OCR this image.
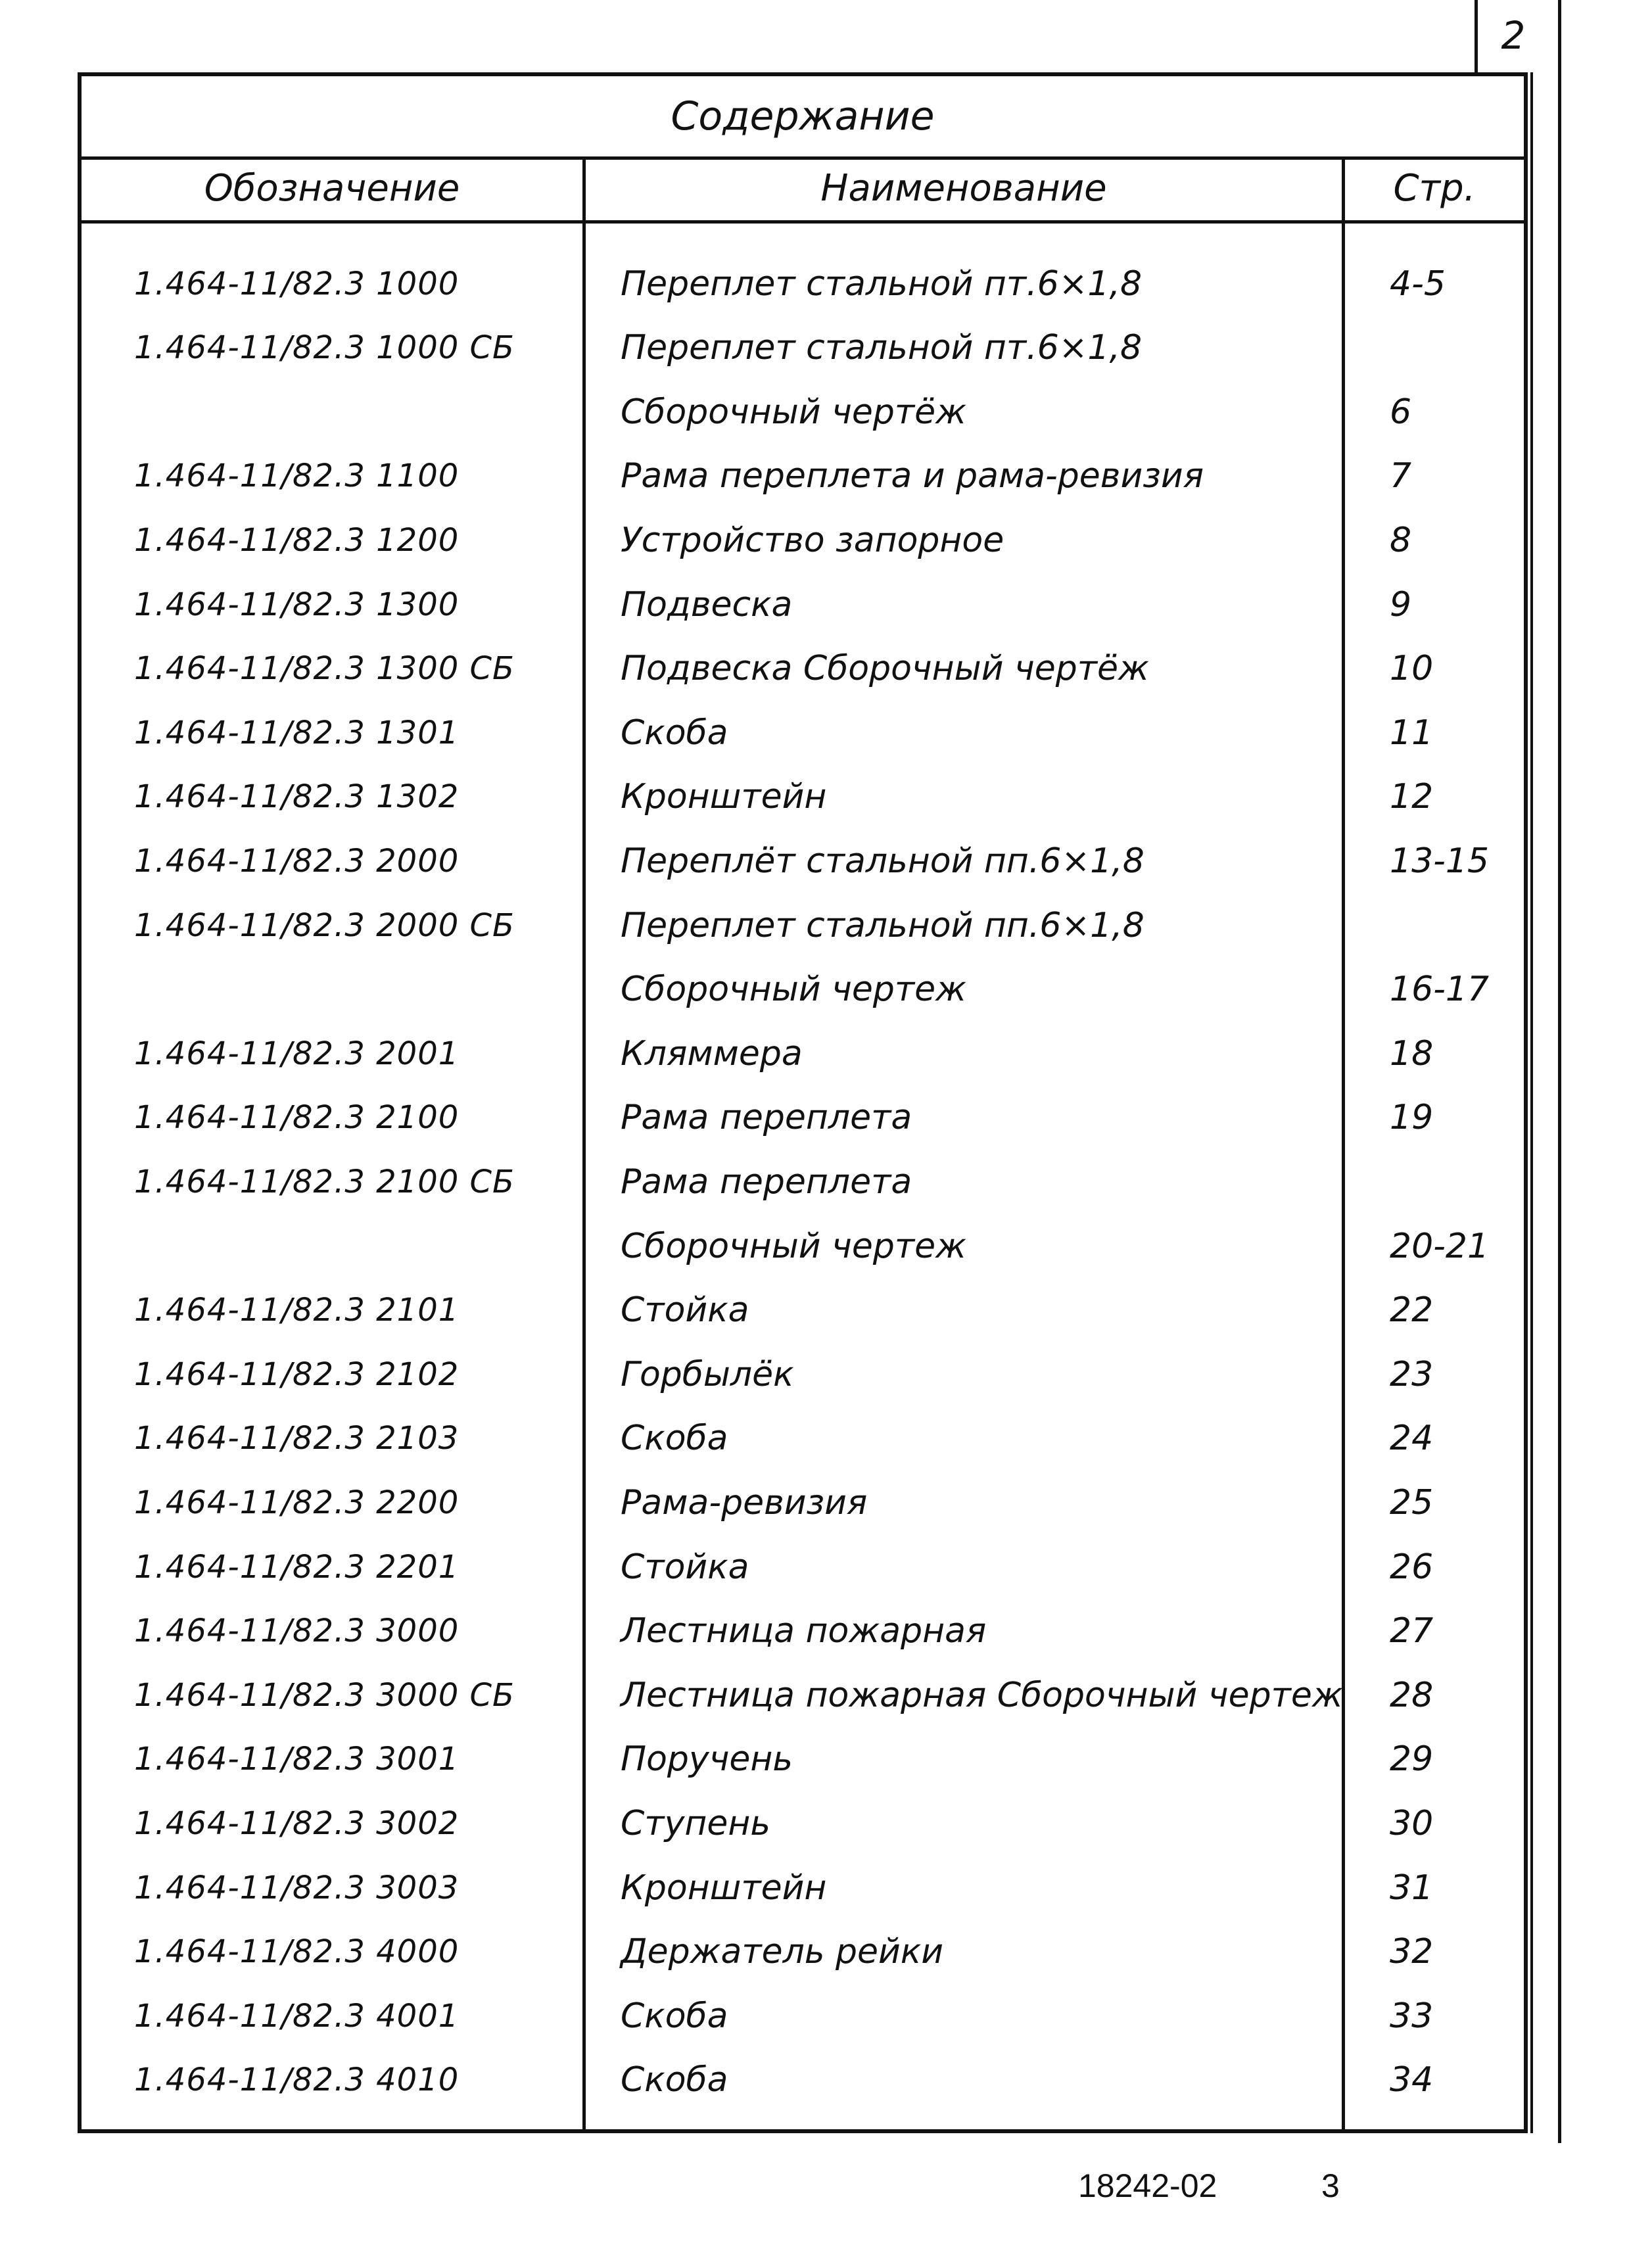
2
Содержание
Обозначение	Наименование	Стр.
1.464-11/82.3 1000	Переплет стальной пт.6×1,8	4-5
1.464-11/82.3 1000 СБ	Переплет стальной пт.6×1,8
Сборочный чертёж	6
1.464-11/82.3 1100	Рама переплета и рама-ревизия	7
1.464-11/82.3 1200	Устройство запорное	8
1.464-11/82.3 1300	Подвеска	9
1.464-11/82.3 1300 СБ	Подвеска Сборочный чертёж	10
1.464-11/82.3 1301	Скоба	11
1.464-11/82.3 1302	Кронштейн	12
1.464-11/82.3 2000	Переплёт стальной пп.6×1,8	13-15
1.464-11/82.3 2000 СБ	Переплет стальной пп.6×1,8
Сборочный чертеж	16-17
1.464-11/82.3 2001	Кляммера	18
1.464-11/82.3 2100	Рама переплета	19
1.464-11/82.3 2100 СБ	Рама переплета
Сборочный чертеж	20-21
1.464-11/82.3 2101	Стойка	22
1.464-11/82.3 2102	Горбылёк	23
1.464-11/82.3 2103	Скоба	24
1.464-11/82.3 2200	Рама-ревизия	25
1.464-11/82.3 2201	Стойка	26
1.464-11/82.3 3000	Лестница пожарная	27
1.464-11/82.3 3000 СБ	Лестница пожарная Сборочный чертеж	28
1.464-11/82.3 3001	Поручень	29
1.464-11/82.3 3002	Ступень	30
1.464-11/82.3 3003	Кронштейн	31
1.464-11/82.3 4000	Держатель рейки	32
1.464-11/82.3 4001	Скоба	33
1.464-11/82.3 4010	Скоба	34
18242-02	3
